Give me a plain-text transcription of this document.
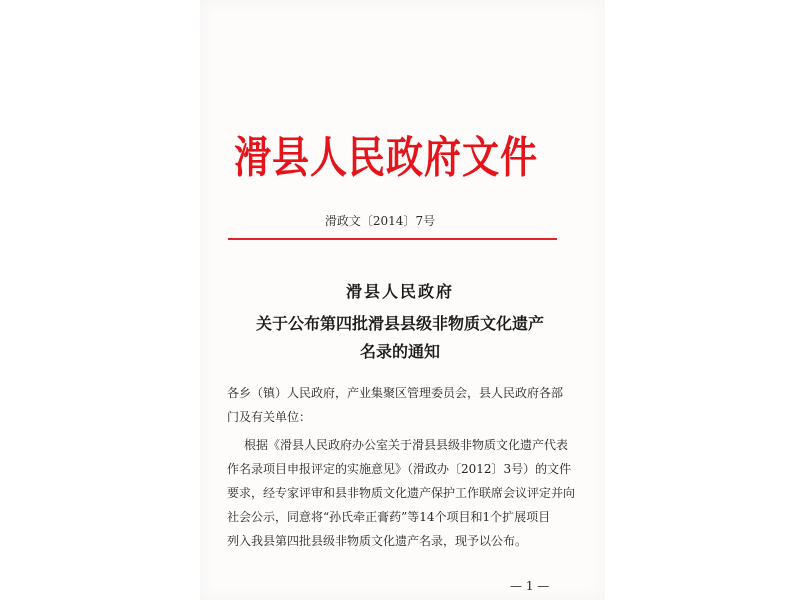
滑县人民政府文件
滑政文〔2014〕7号
滑县人民政府
关于公布第四批滑县县级非物质文化遗产
名录的通知
各乡（镇）人民政府，产业集聚区管理委员会，县人民政府各部
门及有关单位：
根据《滑县人民政府办公室关于滑县县级非物质文化遗产代表
作名录项目申报评定的实施意见》（滑政办〔2012〕3号）的文件
要求，经专家评审和县非物质文化遗产保护工作联席会议评定并向
社会公示，同意将“孙氏牵正膏药”等14个项目和1个扩展项目
列入我县第四批县级非物质文化遗产名录，现予以公布。
— 1 —
